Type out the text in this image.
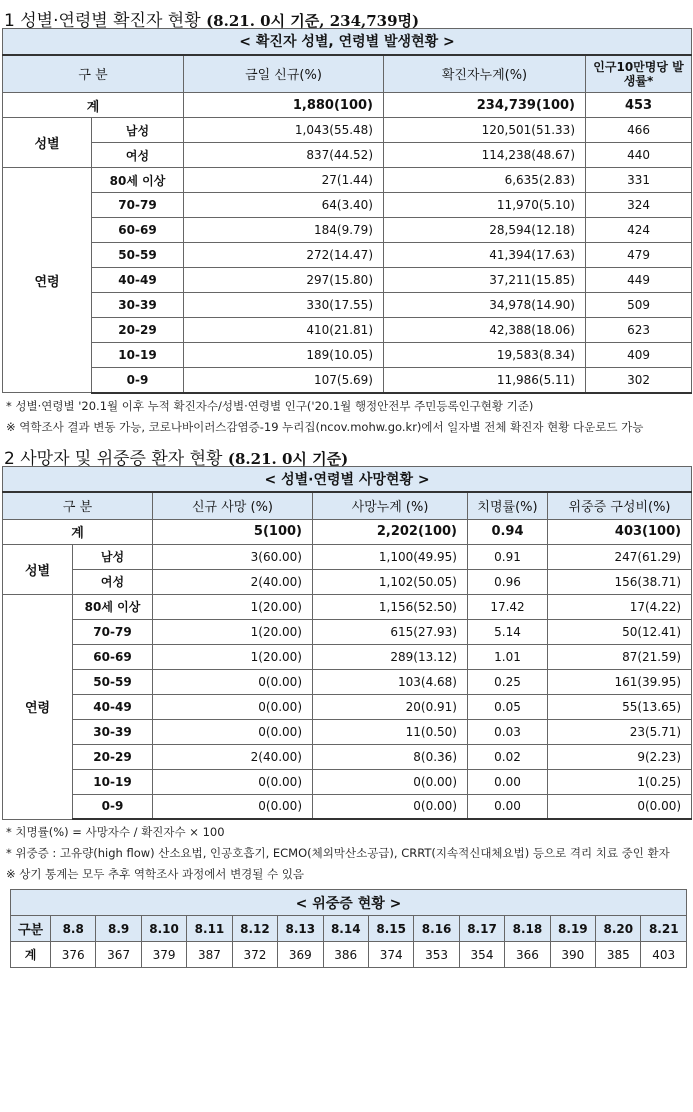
1 성별·연령별 확진자 현황 (8.21. 0시 기준, 234,739명)
< 확진자 성별, 연령별 발생현황 >				
구 분		금일 신규(%)	확진자누계(%)	인구10만명당 발생률*
계		1,880(100)	234,739(100)	453
성별	남성	1,043(55.48)	120,501(51.33)	466
	여성	837(44.52)	114,238(48.67)	440
연령	80세 이상	27(1.44)	6,635(2.83)	331
	70-79	64(3.40)	11,970(5.10)	324
	60-69	184(9.79)	28,594(12.18)	424
	50-59	272(14.47)	41,394(17.63)	479
	40-49	297(15.80)	37,211(15.85)	449
	30-39	330(17.55)	34,978(14.90)	509
	20-29	410(21.81)	42,388(18.06)	623
	10-19	189(10.05)	19,583(8.34)	409
	0-9	107(5.69)	11,986(5.11)	302
* 성별·연령별 '20.1월 이후 누적 확진자수/성별·연령별 인구('20.1월 행정안전부 주민등록인구현황 기준)
※ 역학조사 결과 변동 가능, 코로나바이러스감염증-19 누리집(ncov.mohw.go.kr)에서 일자별 전체 확진자 현황 다운로드 가능
2 사망자 및 위중증 환자 현황 (8.21. 0시 기준)
< 성별·연령별 사망현황 >					
구 분		신규 사망 (%)	사망누계 (%)	치명률(%)	위중증 구성비(%)
계		5(100)	2,202(100)	0.94	403(100)
성별	남성	3(60.00)	1,100(49.95)	0.91	247(61.29)
	여성	2(40.00)	1,102(50.05)	0.96	156(38.71)
연령	80세 이상	1(20.00)	1,156(52.50)	17.42	17(4.22)
	70-79	1(20.00)	615(27.93)	5.14	50(12.41)
	60-69	1(20.00)	289(13.12)	1.01	87(21.59)
	50-59	0(0.00)	103(4.68)	0.25	161(39.95)
	40-49	0(0.00)	20(0.91)	0.05	55(13.65)
	30-39	0(0.00)	11(0.50)	0.03	23(5.71)
	20-29	2(40.00)	8(0.36)	0.02	9(2.23)
	10-19	0(0.00)	0(0.00)	0.00	1(0.25)
	0-9	0(0.00)	0(0.00)	0.00	0(0.00)
* 치명률(%) = 사망자수 / 확진자수 × 100
* 위중증 : 고유량(high flow) 산소요법, 인공호흡기, ECMO(체외막산소공급), CRRT(지속적신대체요법) 등으로 격리 치료 중인 환자
※ 상기 통계는 모두 추후 역학조사 과정에서 변경될 수 있음
< 위중증 현황 >														
구분	8.8	8.9	8.10	8.11	8.12	8.13	8.14	8.15	8.16	8.17	8.18	8.19	8.20	8.21
계	376	367	379	387	372	369	386	374	353	354	366	390	385	403
